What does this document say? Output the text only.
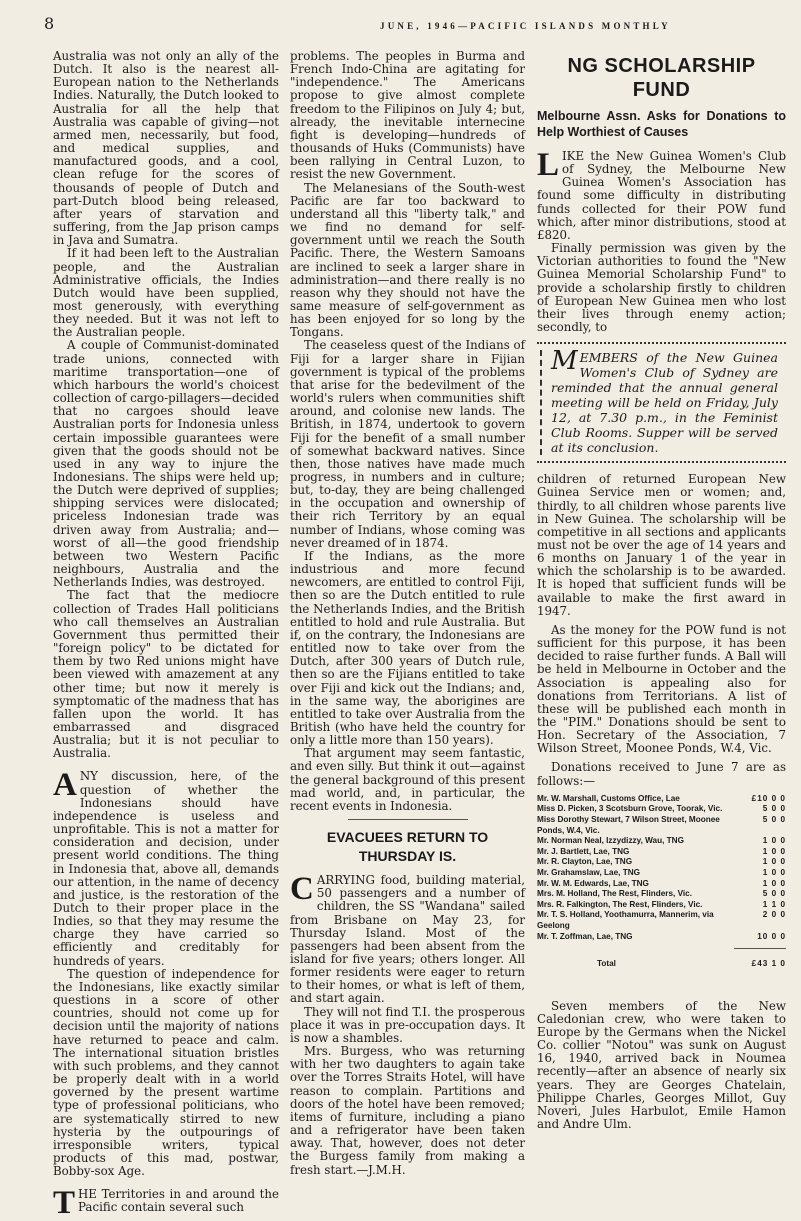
8	JUNE, 1946—PACIFIC ISLANDS MONTHLY

Australia was not only an ally of the Dutch. It also is the nearest all-European nation to the Netherlands Indies. Naturally, the Dutch looked to Australia for all the help that Australia was capable of giving—not armed men, necessarily, but food, and medical supplies, and manufactured goods, and a cool, clean refuge for the scores of thousands of people of Dutch and part-Dutch blood being released, after years of starvation and suffering, from the Jap prison camps in Java and Sumatra.

If it had been left to the Australian people, and the Australian Administrative officials, the Indies Dutch would have been supplied, most generously, with everything they needed. But it was not left to the Australian people.

A couple of Communist-dominated trade unions, connected with maritime transportation—one of which harbours the world's choicest collection of cargo-pillagers—decided that no cargoes should leave Australian ports for Indonesia unless certain impossible guarantees were given that the goods should not be used in any way to injure the Indonesians. The ships were held up; the Dutch were deprived of supplies; shipping services were dislocated; priceless Indonesian trade was driven away from Australia; and—worst of all—the good friendship between two Western Pacific neighbours, Australia and the Netherlands Indies, was destroyed.

The fact that the mediocre collection of Trades Hall politicians who call themselves an Australian Government thus permitted their "foreign policy" to be dictated for them by two Red unions might have been viewed with amazement at any other time; but now it merely is symptomatic of the madness that has fallen upon the world. It has embarrassed and disgraced Australia; but it is not peculiar to Australia.

ANY discussion, here, of the question of whether the Indonesians should have independence is useless and unprofitable. This is not a matter for consideration and decision, under present world conditions. The thing in Indonesia that, above all, demands our attention, in the name of decency and justice, is the restoration of the Dutch to their proper place in the Indies, so that they may resume the charge they have carried so efficiently and creditably for hundreds of years.

The question of independence for the Indonesians, like exactly similar questions in a score of other countries, should not come up for decision until the majority of nations have returned to peace and calm. The international situation bristles with such problems, and they cannot be properly dealt with in a world governed by the present wartime type of professional politicians, who are systematically stirred to new hysteria by the outpourings of irresponsible writers, typical products of this mad, postwar, Bobby-sox Age.

THE Territories in and around the Pacific contain several such

problems. The peoples in Burma and French Indo-China are agitating for "independence." The Americans propose to give almost complete freedom to the Filipinos on July 4; but, already, the inevitable internecine fight is developing—hundreds of thousands of Huks (Communists) have been rallying in Central Luzon, to resist the new Government.

The Melanesians of the South-west Pacific are far too backward to understand all this "liberty talk," and we find no demand for self-government until we reach the South Pacific. There, the Western Samoans are inclined to seek a larger share in administration—and there really is no reason why they should not have the same measure of self-government as has been enjoyed for so long by the Tongans.

The ceaseless quest of the Indians of Fiji for a larger share in Fijian government is typical of the problems that arise for the bedevilment of the world's rulers when communities shift around, and colonise new lands. The British, in 1874, undertook to govern Fiji for the benefit of a small number of somewhat backward natives. Since then, those natives have made much progress, in numbers and in culture; but, to-day, they are being challenged in the occupation and ownership of their rich Territory by an equal number of Indians, whose coming was never dreamed of in 1874.

If the Indians, as the more industrious and more fecund newcomers, are entitled to control Fiji, then so are the Dutch entitled to rule the Netherlands Indies, and the British entitled to hold and rule Australia. But if, on the contrary, the Indonesians are entitled now to take over from the Dutch, after 300 years of Dutch rule, then so are the Fijians entitled to take over Fiji and kick out the Indians; and, in the same way, the aborigines are entitled to take over Australia from the British (who have held the country for only a little more than 150 years).

That argument may seem fantastic, and even silly. But think it out—against the general background of this present mad world, and, in particular, the recent events in Indonesia.

EVACUEES RETURN TO THURSDAY IS.

CARRYING food, building material, 50 passengers and a number of children, the SS "Wandana" sailed from Brisbane on May 23, for Thursday Island. Most of the passengers had been absent from the island for five years; others longer. All former residents were eager to return to their homes, or what is left of them, and start again.

They will not find T.I. the prosperous place it was in pre-occupation days. It is now a shambles.

Mrs. Burgess, who was returning with her two daughters to again take over the Torres Straits Hotel, will have reason to complain. Partitions and doors of the hotel have been removed; items of furniture, including a piano and a refrigerator have been taken away. That, however, does not deter the Burgess family from making a fresh start.—J.M.H.

NG SCHOLARSHIP FUND
Melbourne Assn. Asks for Donations to Help Worthiest of Causes

LIKE the New Guinea Women's Club of Sydney, the Melbourne New Guinea Women's Association has found some difficulty in distributing funds collected for their POW fund which, after minor distributions, stood at £820.

Finally permission was given by the Victorian authorities to found the "New Guinea Memorial Scholarship Fund" to provide a scholarship firstly to children of European New Guinea men who lost their lives through enemy action; secondly, to

MEMBERS of the New Guinea Women's Club of Sydney are reminded that the annual general meeting will be held on Friday, July 12, at 7.30 p.m., in the Feminist Club Rooms. Supper will be served at its conclusion.

children of returned European New Guinea Service men or women; and, thirdly, to all children whose parents live in New Guinea. The scholarship will be competitive in all sections and applicants must not be over the age of 14 years and 6 months on January 1 of the year in which the scholarship is to be awarded. It is hoped that sufficient funds will be available to make the first award in 1947.

As the money for the POW fund is not sufficient for this purpose, it has been decided to raise further funds. A Ball will be held in Melbourne in October and the Association is appealing also for donations from Territorians. A list of these will be published each month in the "PIM." Donations should be sent to Hon. Secretary of the Association, 7 Wilson Street, Moonee Ponds, W.4, Vic.

Donations received to June 7 are as follows:—

Mr. W. Marshall, Customs Office, Lae	£10 0 0
Miss D. Picken, 3 Scotsburn Grove, Toorak, Vic.	5 0 0
Miss Dorothy Stewart, 7 Wilson Street, Moonee Ponds, W.4, Vic.
5 0 0
Mr. Norman Neal, Izzydizzy, Wau, TNG	1 0 0
Mr. J. Bartlett, Lae, TNG	1 0 0
Mr. R. Clayton, Lae, TNG	1 0 0
Mr. Grahamslaw, Lae, TNG	1 0 0
Mr. W. M. Edwards, Lae, TNG	1 0 0
Mrs. M. Holland, The Rest, Flinders, Vic.	5 0 0
Mrs. R. Falkington, The Rest, Flinders, Vic.	1 1 0
Mr. T. S. Holland, Yoothamurra, Mannerim, via Geelong
2 0 0
Mr. T. Zoffman, Lae, TNG	10 0 0
Total	£43 1 0

Seven members of the New Caledonian crew, who were taken to Europe by the Germans when the Nickel Co. collier "Notou" was sunk on August 16, 1940, arrived back in Noumea recently—after an absence of nearly six years. They are Georges Chatelain, Philippe Charles, Georges Millot, Guy Noveri, Jules Harbulot, Emile Hamon and Andre Ulm.
